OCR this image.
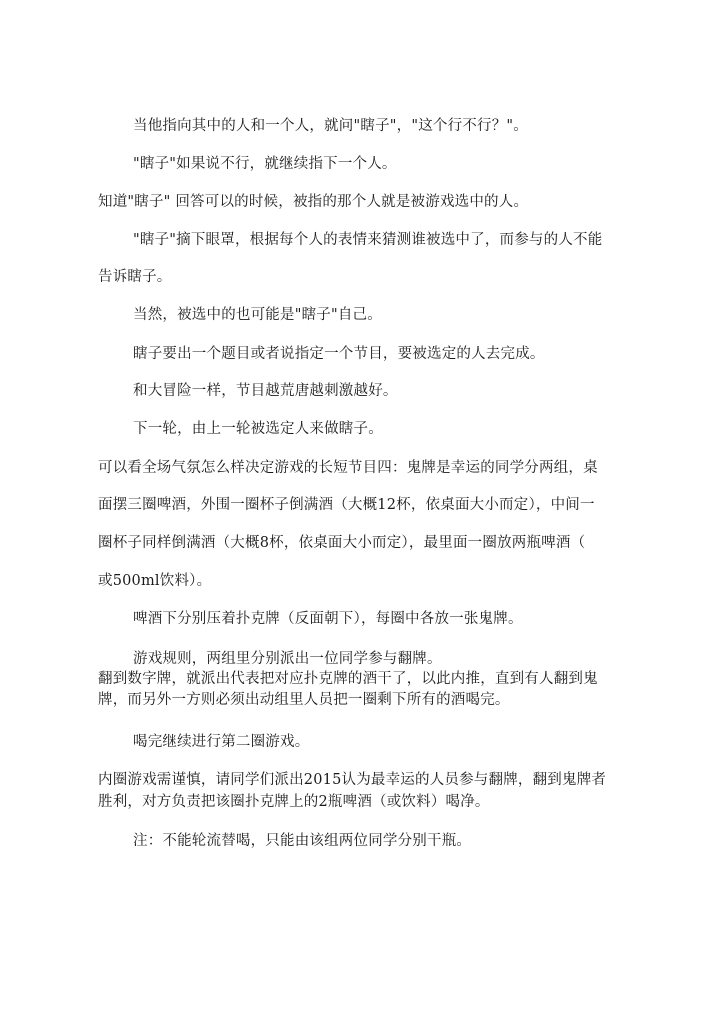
当他指向其中的人和一个人，就问"瞎子"，"这个行不行？"。
"瞎子"如果说不行，就继续指下一个人。
知道"瞎子" 回答可以的时候，被指的那个人就是被游戏选中的人。
"瞎子"摘下眼罩，根据每个人的表情来猜测谁被选中了，而参与的人不能
告诉瞎子。
当然，被选中的也可能是"瞎子"自己。
瞎子要出一个题目或者说指定一个节目，要被选定的人去完成。
和大冒险一样，节目越荒唐越刺激越好。
下一轮，由上一轮被选定人来做瞎子。
可以看全场气氛怎么样决定游戏的长短节目四：鬼牌是幸运的同学分两组，桌
面摆三圈啤酒，外围一圈杯子倒满酒（大概12杯，依桌面大小而定），中间一
圈杯子同样倒满酒（大概8杯，依桌面大小而定），最里面一圈放两瓶啤酒（
或500ml饮料）。
啤酒下分别压着扑克牌（反面朝下），每圈中各放一张鬼牌。
游戏规则，两组里分别派出一位同学参与翻牌。
翻到数字牌，就派出代表把对应扑克牌的酒干了，以此内推，直到有人翻到鬼牌，而另外一方则必须出动组里人员把一圈剩下所有的酒喝完。
喝完继续进行第二圈游戏。
内圈游戏需谨慎，请同学们派出2015认为最幸运的人员参与翻牌，翻到鬼牌者胜利，对方负责把该圈扑克牌上的2瓶啤酒（或饮料）喝净。
注：不能轮流替喝，只能由该组两位同学分别干瓶。
